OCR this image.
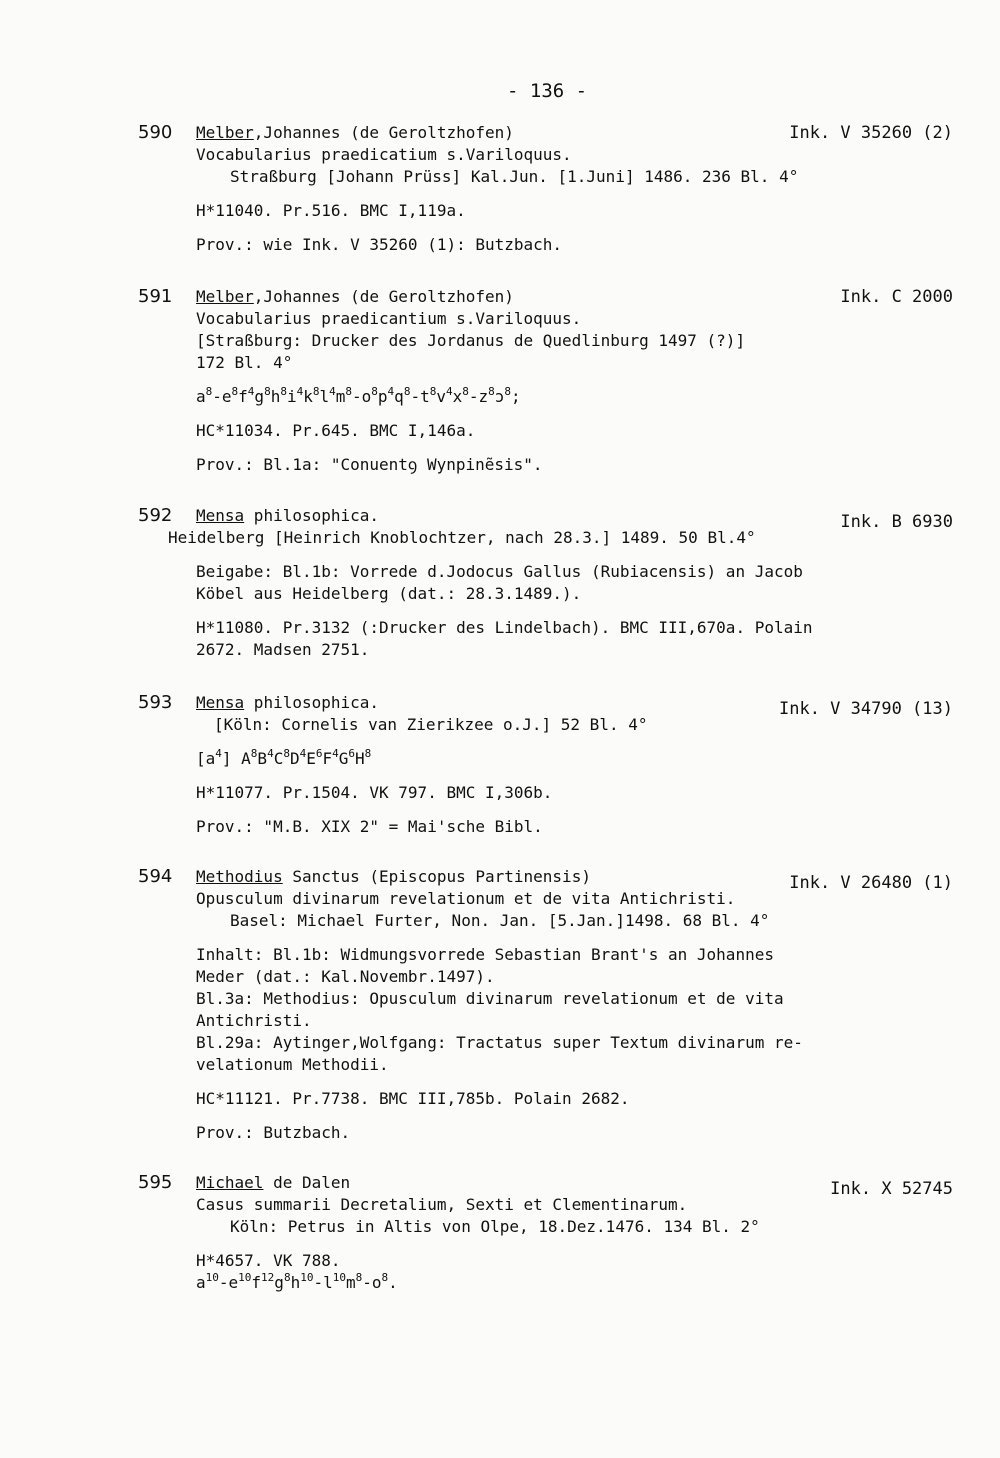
- 136 -
590 Melber,Johannes (de Geroltzhofen)	Ink. V 35260 (2)
Vocabularius praedicatium s.Variloquus.
Straßburg [Johann Prüss] Kal.Jun. [1.Juni] 1486. 236 Bl. 4°
H*11040. Pr.516. BMC I,119a.
Prov.: wie Ink. V 35260 (1): Butzbach.
591 Melber,Johannes (de Geroltzhofen)	Ink. C 2000
Vocabularius praedicantium s.Variloquus.
[Straßburg: Drucker des Jordanus de Quedlinburg 1497 (?)]
172 Bl. 4°
$a^8-e^8f^4g^8h^8i^4k^8l^4m^8-o^8p^4q^8-t^8v^4x^8-z^8ɔ^8$;
HC*11034. Pr.645. BMC I,146a.
Prov.: Bl.1a: "Conuentꝯ Wynpinẽsis".
592 Mensa philosophica.	Ink. B 6930
Heidelberg [Heinrich Knoblochtzer, nach 28.3.] 1489. 50 Bl.4°
Beigabe: Bl.1b: Vorrede d.Jodocus Gallus (Rubiacensis) an Jacob
Köbel aus Heidelberg (dat.: 28.3.1489.).
H*11080. Pr.3132 (:Drucker des Lindelbach). BMC III,670a. Polain
2672. Madsen 2751.
593 Mensa philosophica.	Ink. V 34790 (13)
[Köln: Cornelis van Zierikzee o.J.] 52 Bl. 4°
$[a^4]$ $A^8B^4C^8D^4E^6F^4G^6H^8$
H*11077. Pr.1504. VK 797. BMC I,306b.
Prov.: "M.B. XIX 2" = Mai'sche Bibl.
594 Methodius Sanctus (Episcopus Partinensis)	Ink. V 26480 (1)
Opusculum divinarum revelationum et de vita Antichristi.
Basel: Michael Furter, Non. Jan. [5.Jan.]1498. 68 Bl. 4°
Inhalt: Bl.1b: Widmungsvorrede Sebastian Brant's an Johannes
Meder (dat.: Kal.Novembr.1497).
Bl.3a: Methodius: Opusculum divinarum revelationum et de vita
Antichristi.
Bl.29a: Aytinger,Wolfgang: Tractatus super Textum divinarum re-
velationum Methodii.
HC*11121. Pr.7738. BMC III,785b. Polain 2682.
Prov.: Butzbach.
595 Michael de Dalen	Ink. X 52745
Casus summarii Decretalium, Sexti et Clementinarum.
Köln: Petrus in Altis von Olpe, 18.Dez.1476. 134 Bl. 2°
H*4657. VK 788.
$a^{10}-e^{10}f^{12}g^8h^{10}-l^{10}m^8-o^8$.
